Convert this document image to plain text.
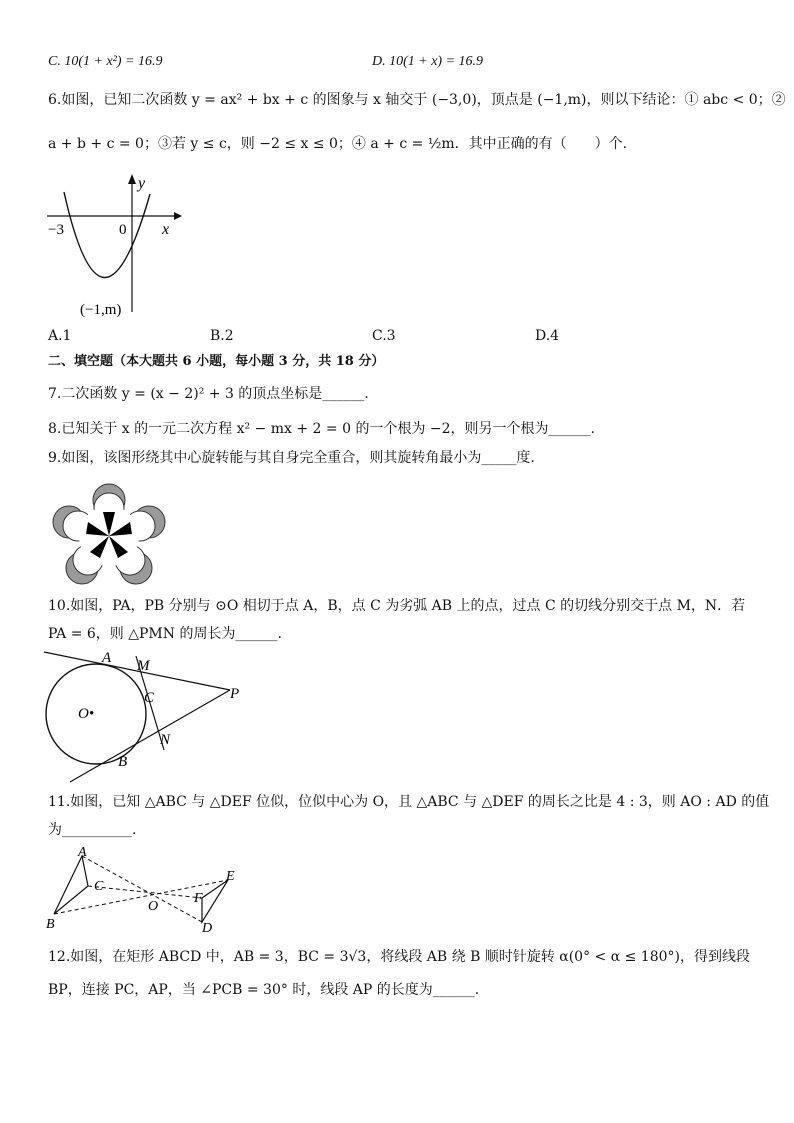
C. 10(1 + x²) = 16.9	D. 10(1 + x) = 16.9
6.如图，已知二次函数 y = ax² + bx + c 的图象与 x 轴交于 (−3,0)，顶点是 (−1,m)，则以下结论：① abc < 0；②
a + b + c = 0；③若 y ≤ c，则 −2 ≤ x ≤ 0；④ a + c = ½m．其中正确的有（　　）个.
y
x
−3	0
(−1,m)
A.1	B.2	C.3	D.4
二、填空题（本大题共 6 小题，每小题 3 分，共 18 分）
7.二次函数 y = (x − 2)² + 3 的顶点坐标是______.
8.已知关于 x 的一元二次方程 x² − mx + 2 = 0 的一个根为 −2，则另一个根为______.
9.如图，该图形绕其中心旋转能与其自身完全重合，则其旋转角最小为_____度.
10.如图，PA，PB 分别与 ⊙O 相切于点 A，B，点 C 为劣弧 AB 上的点，过点 C 的切线分别交于点 M，N．若
PA = 6，则 △PMN 的周长为______.
A M
C	P
O•
N
B
11.如图，已知 △ABC 与 △DEF 位似，位似中心为 O，且 △ABC 与 △DEF 的周长之比是 4 : 3，则 AO : AD 的值
为__________.
A
C
B
O
E
F
D
12.如图，在矩形 ABCD 中，AB = 3，BC = 3√3，将线段 AB 绕 B 顺时针旋转 α(0° < α ≤ 180°)，得到线段
BP，连接 PC，AP，当 ∠PCB = 30° 时，线段 AP 的长度为______.
